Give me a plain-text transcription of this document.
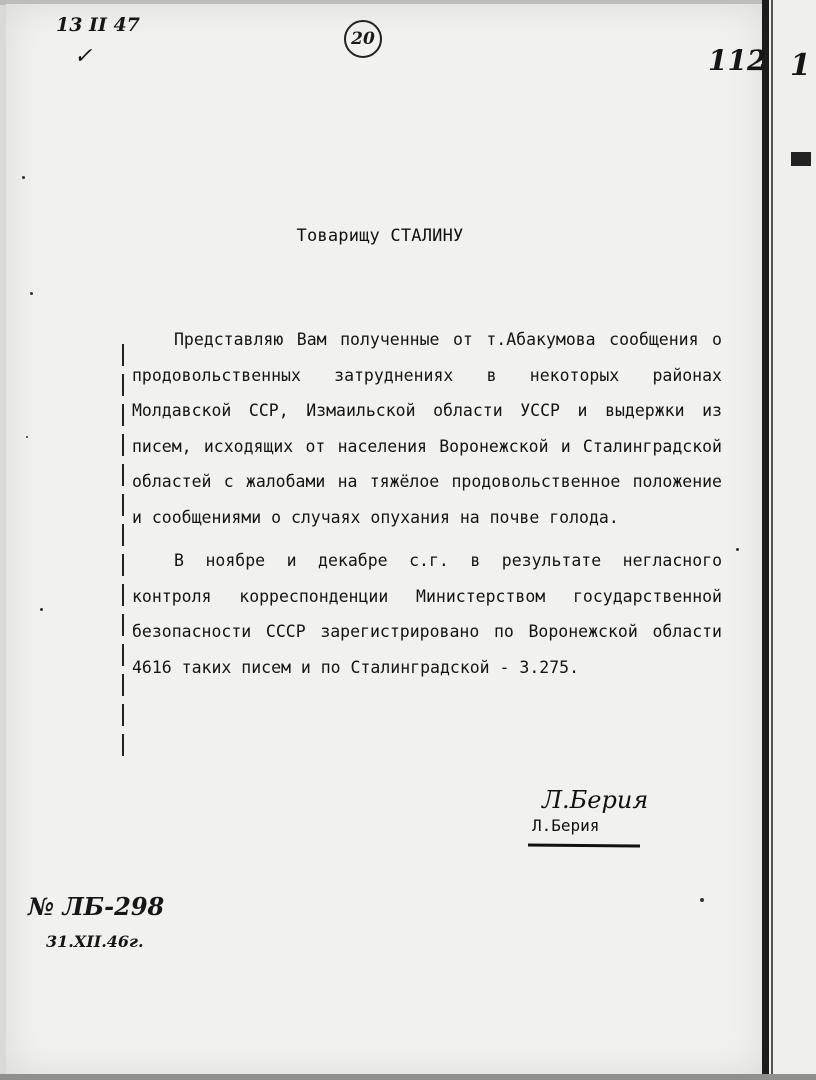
13 II 47
✓
20
112 1
Товарищу СТАЛИНУ

Представляю Вам полученные от т.Абакумова сообщения о продовольственных затруднениях в некоторых районах Молдавской ССР, Измаильской области УССР и выдержки из писем, исходящих от населения Воронежской и Сталинградской областей с жалобами на тяжёлое продовольственное положение и сообщениями о случаях опухания на почве голода.

В ноябре и декабре с.г. в результате негласного контроля корреспонденции Министерством государственной безопасности СССР зарегистрировано по Воронежской области 4616 таких писем и по Сталинградской - 3.275.

Л.Берия
Л.Берия
№ ЛБ-298
31.XII.46г.
